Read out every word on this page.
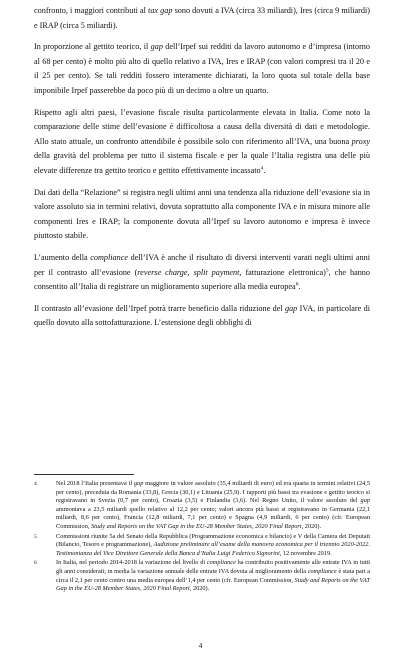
confronto, i maggiori contributi al tax gap sono dovuti a IVA (circa 33 miliardi), Ires (circa 9 miliardi) e IRAP (circa 5 miliardi).

In proporzione al gettito teorico, il gap dell’Irpef sui redditi da lavoro autonomo e d’impresa (intorno al 68 per cento) è molto più alto di quello relativo a IVA, Ires e IRAP (con valori compresi tra il 20 e il 25 per cento). Se tali redditi fossero interamente dichiarati, la loro quota sul totale della base imponibile Irpef passerebbe da poco più di un decimo a oltre un quarto.

Rispetto agli altri paesi, l’evasione fiscale risulta particolarmente elevata in Italia. Come noto la comparazione delle stime dell’evasione è difficoltosa a causa della diversità di dati e metodologie. Allo stato attuale, un confronto attendibile è possibile solo con riferimento all’IVA, una buona proxy della gravità del problema per tutto il sistema fiscale e per la quale l’Italia registra una delle più elevate differenze tra gettito teorico e gettito effettivamente incassato$^4$.

Dai dati della “Relazione” si registra negli ultimi anni una tendenza alla riduzione dell’evasione sia in valore assoluto sia in termini relativi, dovuta soprattutto alla componente IVA e in misura minore alle componenti Ires e IRAP; la componente dovuta all’Irpef su lavoro autonomo e impresa è invece piuttosto stabile.

L’aumento della compliance dell’IVA è anche il risultato di diversi interventi varati negli ultimi anni per il contrasto all’evasione (reverse charge, split payment, fatturazione elettronica)$^5$, che hanno consentito all’Italia di registrare un miglioramento superiore alla media europea$^6$.

Il contrasto all’evasione dell’Irpef potrà trarre beneficio dalla riduzione del gap IVA, in particolare di quello dovuto alla sottofatturazione. L’estensione degli obblighi di

4	Nel 2018 l’Italia presentava il gap maggiore in valore assoluto (35,4 miliardi di euro) ed era quarta in termini relativi (24,5 per cento), preceduta da Romania (33,8), Grecia (30,1) e Lituania (25,9). I rapporti più bassi tra evasione e gettito teorico si registravano in Svezia (0,7 per cento), Croazia (3,5) e Finlandia (3,6). Nel Regno Unito, il valore assoluto del gap ammontava a 23,5 miliardi quello relativo al 12,2 per cento; valori ancora più bassi si registravano in Germania (22,1 miliardi, 8,6 per cento), Francia (12,8 miliardi, 7,1 per cento) e Spagna (4,9 miliardi, 6 per cento) (cfr. European Commission, Study and Reports on the VAT Gap in the EU-28 Member States, 2020 Final Report, 2020).
5	Commissioni riunite 5a del Senato della Repubblica (Programmazione economica e bilancio) e V della Camera dei Deputati (Bilancio, Tesoro e programmazione), Audizione preliminare all’esame della manovra economica per il triennio 2020-2022. Testimonianza del Vice Direttore Generale della Banca d’Italia Luigi Federico Signorini, 12 novembre 2019.
6	In Italia, nel periodo 2014-2018 la variazione del livello di compliance ha contribuito positivamente alle entrate IVA in tutti gli anni considerati; in media la variazione annuale delle entrate IVA dovuta al miglioramento della compliance è stata pari a circa il 2,1 per cento contro una media europea dell’1,4 per cento (cfr. European Commission, Study and Reports on the VAT Gap in the EU-28 Member States, 2020 Final Report, 2020).
4
